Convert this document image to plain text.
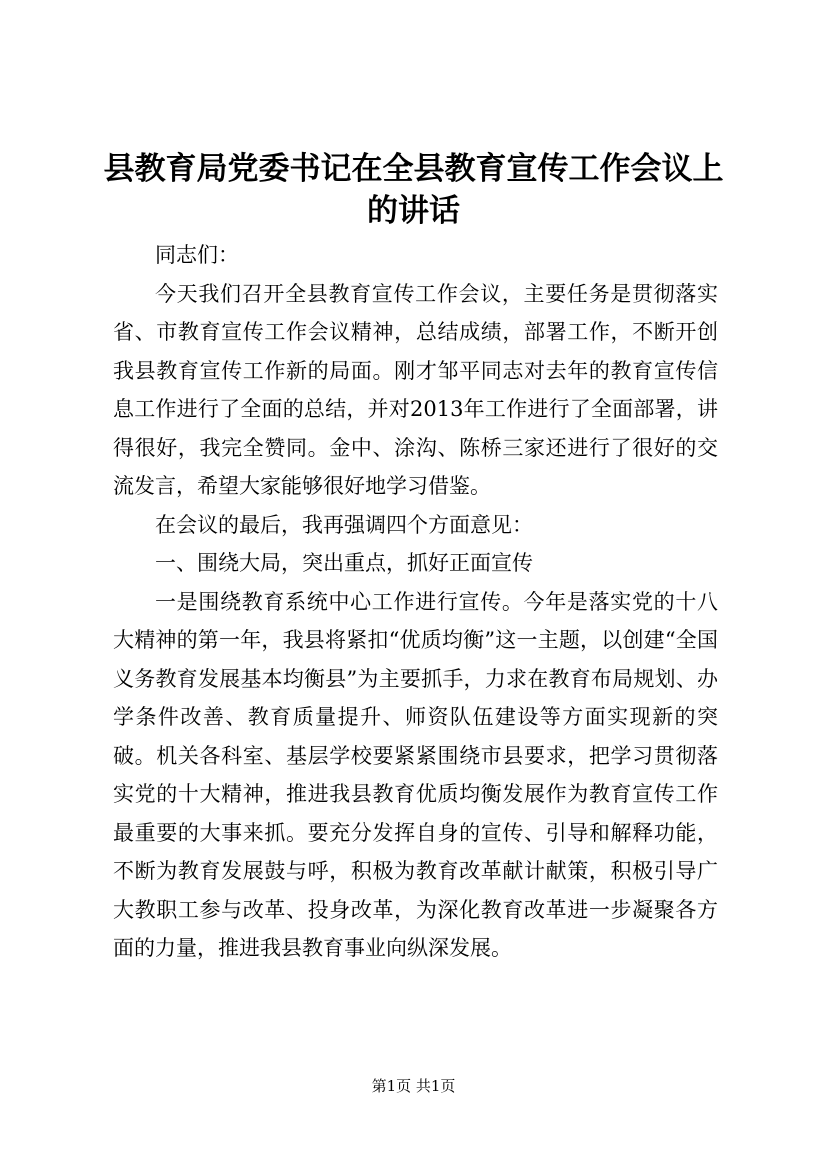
县教育局党委书记在全县教育宣传工作会议上的讲话

同志们：

今天我们召开全县教育宣传工作会议，主要任务是贯彻落实省、市教育宣传工作会议精神，总结成绩，部署工作，不断开创我县教育宣传工作新的局面。刚才邹平同志对去年的教育宣传信息工作进行了全面的总结，并对2013年工作进行了全面部署，讲得很好，我完全赞同。金中、涂沟、陈桥三家还进行了很好的交流发言，希望大家能够很好地学习借鉴。

在会议的最后，我再强调四个方面意见：

一、围绕大局，突出重点，抓好正面宣传

一是围绕教育系统中心工作进行宣传。今年是落实党的十八大精神的第一年，我县将紧扣“优质均衡”这一主题，以创建“全国义务教育发展基本均衡县”为主要抓手，力求在教育布局规划、办学条件改善、教育质量提升、师资队伍建设等方面实现新的突破。机关各科室、基层学校要紧紧围绕市县要求，把学习贯彻落实党的十大精神，推进我县教育优质均衡发展作为教育宣传工作最重要的大事来抓。要充分发挥自身的宣传、引导和解释功能，不断为教育发展鼓与呼，积极为教育改革献计献策，积极引导广大教职工参与改革、投身改革，为深化教育改革进一步凝聚各方面的力量，推进我县教育事业向纵深发展。

第1页 共1页
